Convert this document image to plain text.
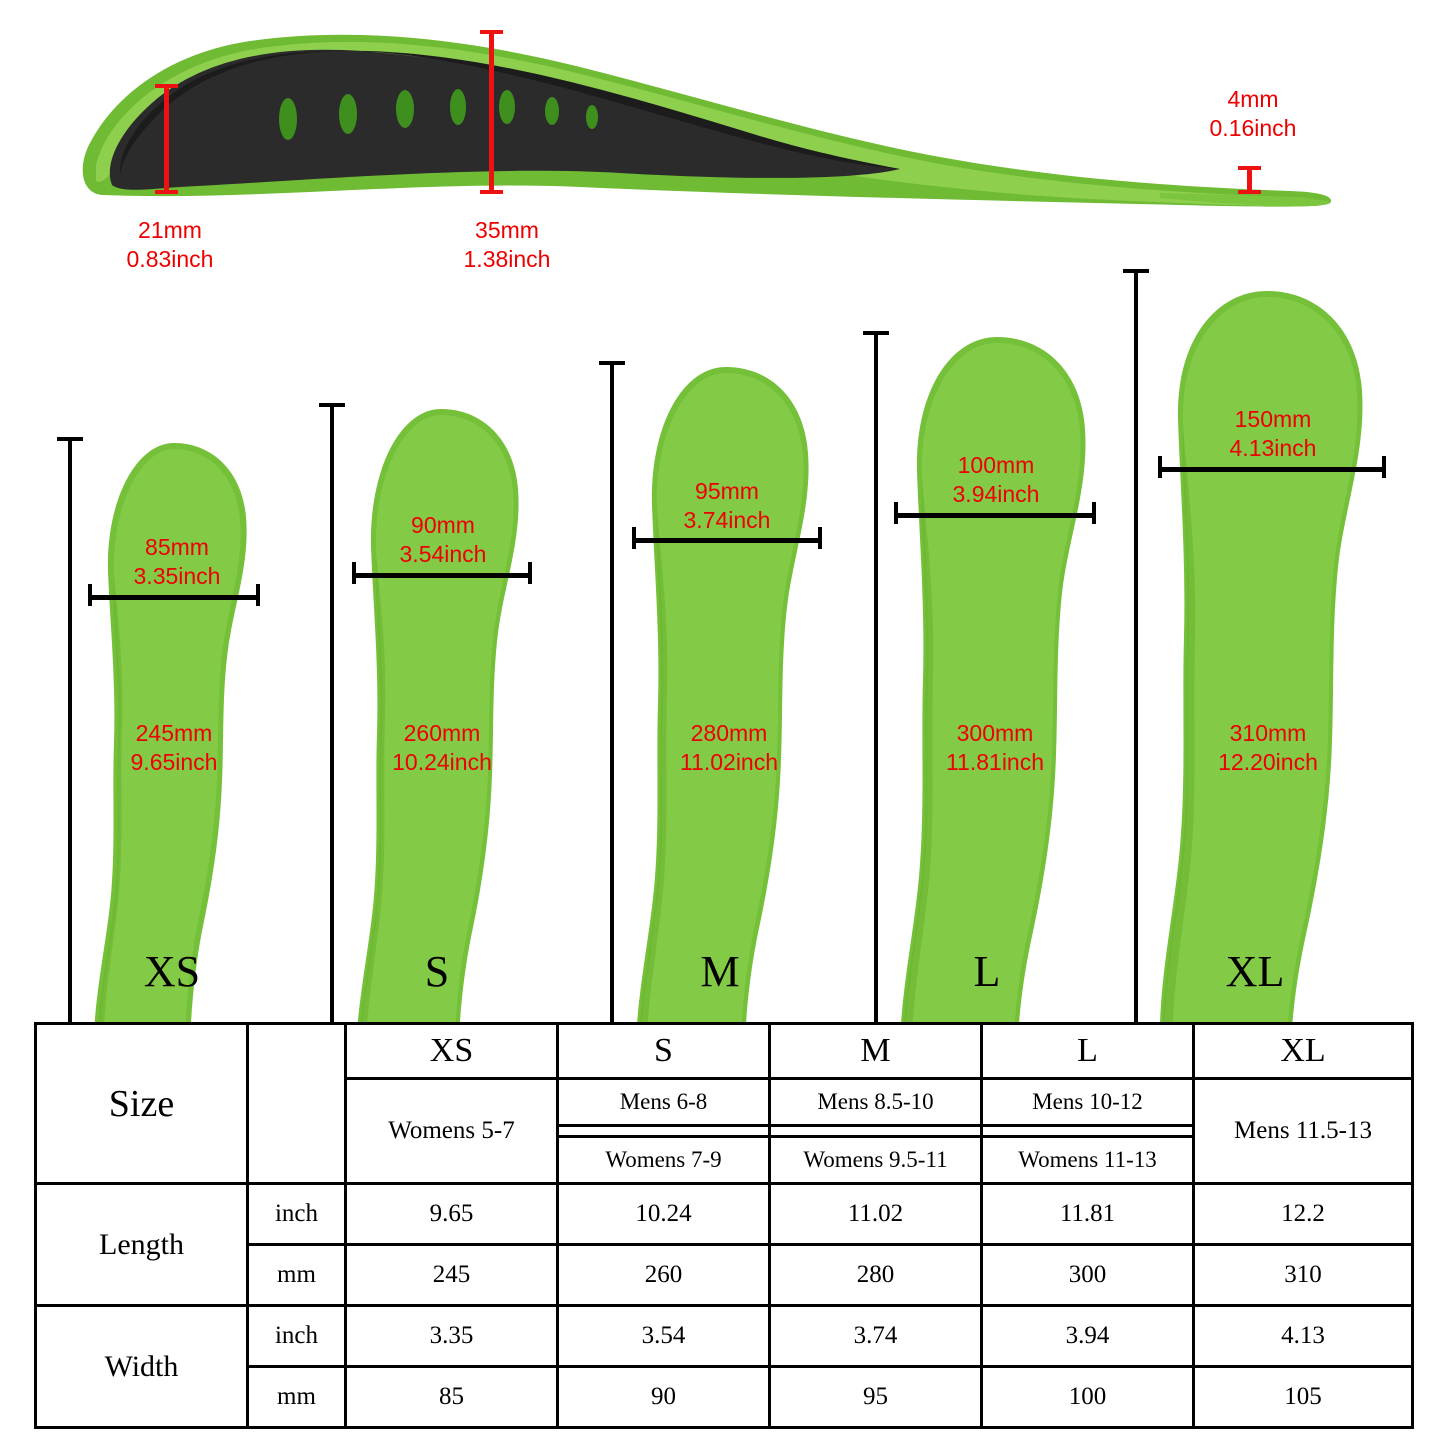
21mm
0.83inch
35mm
1.38inch
4mm
0.16inch
85mm
3.35inch
245mm
9.65inch
XS
90mm
3.54inch
260mm
10.24inch
S
95mm
3.74inch
280mm
11.02inch
M
100mm
3.94inch
300mm
11.81inch
L
150mm
4.13inch
310mm
12.20inch
XL
Size		XS	S	M	L	XL
		Womens 5-7	Mens 6-8	Mens 8.5-10	Mens 10-12	Mens 11.5-13

			Womens 7-9	Womens 9.5-11	Womens 11-13	
Length	inch	9.65	10.24	11.02	11.81	12.2
	mm	245	260	280	300	310
Width	inch	3.35	3.54	3.74	3.94	4.13
	mm	85	90	95	100	105
